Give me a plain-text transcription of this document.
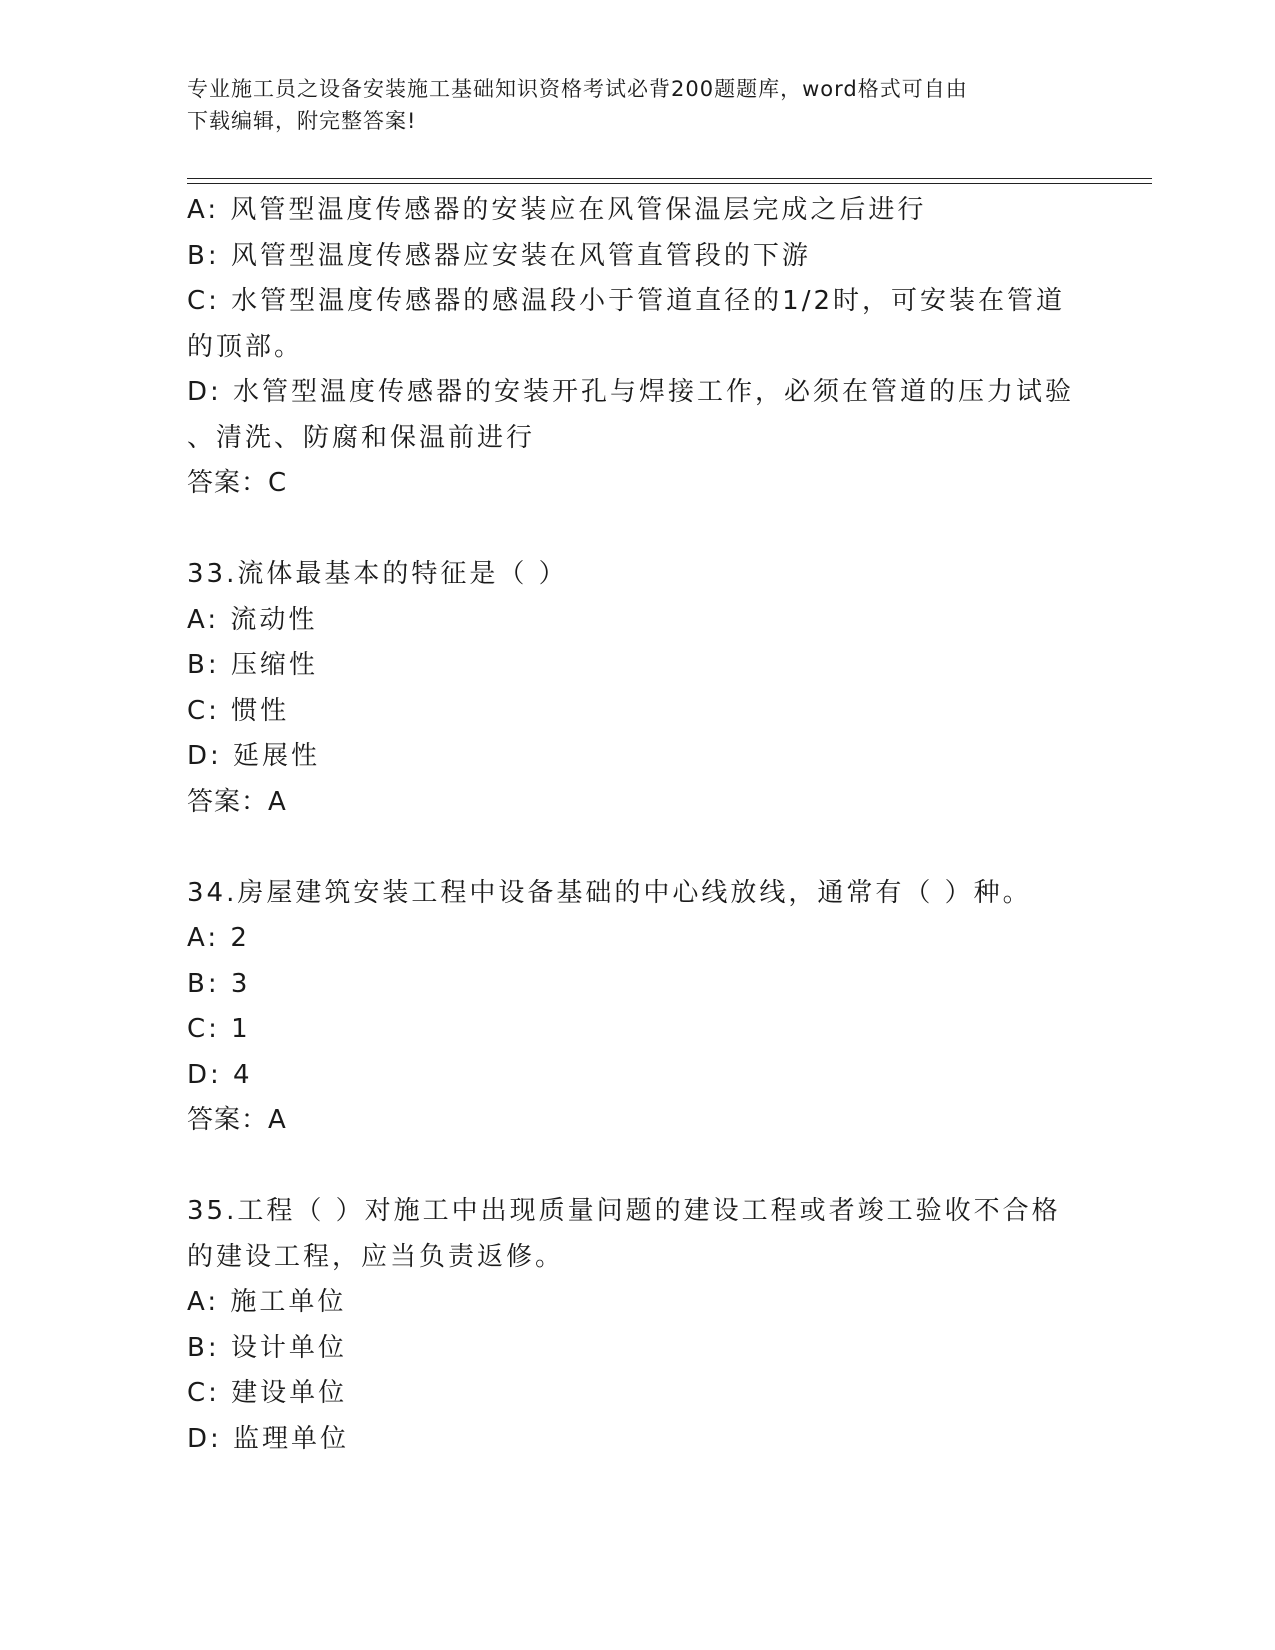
专业施工员之设备安装施工基础知识资格考试必背200题题库，word格式可自由
下载编辑，附完整答案!
A: 风管型温度传感器的安装应在风管保温层完成之后进行
B: 风管型温度传感器应安装在风管直管段的下游
C: 水管型温度传感器的感温段小于管道直径的1/2时，可安装在管道
的顶部。
D: 水管型温度传感器的安装开孔与焊接工作，必须在管道的压力试验
、清洗、防腐和保温前进行
答案：C
33.流体最基本的特征是（ ）
A: 流动性
B: 压缩性
C: 惯性
D: 延展性
答案：A
34.房屋建筑安装工程中设备基础的中心线放线，通常有（ ）种。
A: 2
B: 3
C: 1
D: 4
答案：A
35.工程（ ）对施工中出现质量问题的建设工程或者竣工验收不合格
的建设工程，应当负责返修。
A: 施工单位
B: 设计单位
C: 建设单位
D: 监理单位
